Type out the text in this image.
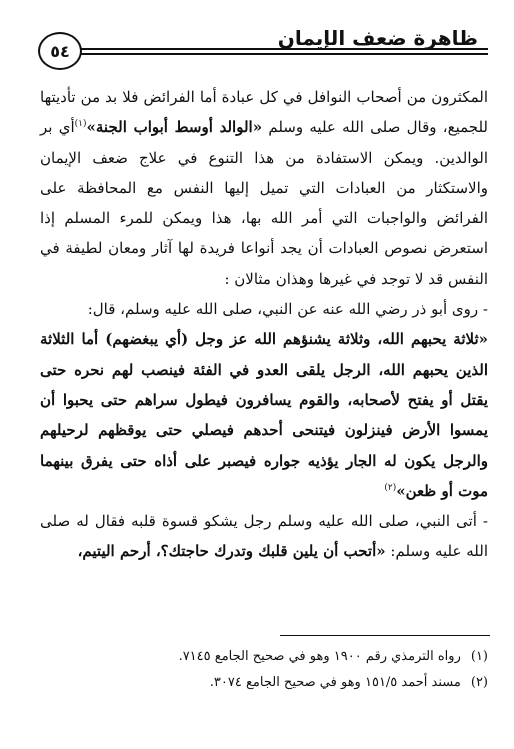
ظاهرة ضعف الإيمان
٥٤

المكثرون من أصحاب النوافل في كل عبادة أما الفرائض فلا بد من تأديتها للجميع، وقال صلى الله عليه وسلم «الوالد أوسط أبواب الجنة»$^{(١)}$أي بر الوالدين. ويمكن الاستفادة من هذا التنوع في علاج ضعف الإيمان والاستكثار من العبادات التي تميل إليها النفس مع المحافظة على الفرائض والواجبات التي أمر الله بها، هذا ويمكن للمرء المسلم إذا استعرض نصوص العبادات أن يجد أنواعا فريدة لها آثار ومعان لطيفة في النفس قد لا توجد في غيرها وهذان مثالان :

- روى أبو ذر رضي الله عنه عن النبي، صلى الله عليه وسلم، قال:

«ثلاثة يحبهم الله، وثلاثة يشنؤهم الله عز وجل (أي يبغضهم) أما الثلاثة الذين يحبهم الله، الرجل يلقى العدو في الفئة فينصب لهم نحره حتى يقتل أو يفتح لأصحابه، والقوم يسافرون فيطول سراهم حتى يحبوا أن يمسوا الأرض فينزلون فيتنحى أحدهم فيصلي حتى يوقظهم لرحيلهم والرجل يكون له الجار يؤذيه جواره فيصبر على أذاه حتى يفرق بينهما موت أو ظعن»$^{(٢)}$

- أتى النبي، صلى الله عليه وسلم رجل يشكو قسوة قلبه فقال له صلى الله عليه وسلم: «أتحب أن يلين قلبك وتدرك حاجتك؟، أرحم اليتيم،

(١)رواه الترمذي رقم ١٩٠٠ وهو في صحيح الجامع ٧١٤٥.
(٢)مسند أحمد ١٥١/٥ وهو في صحيح الجامع ٣٠٧٤.
